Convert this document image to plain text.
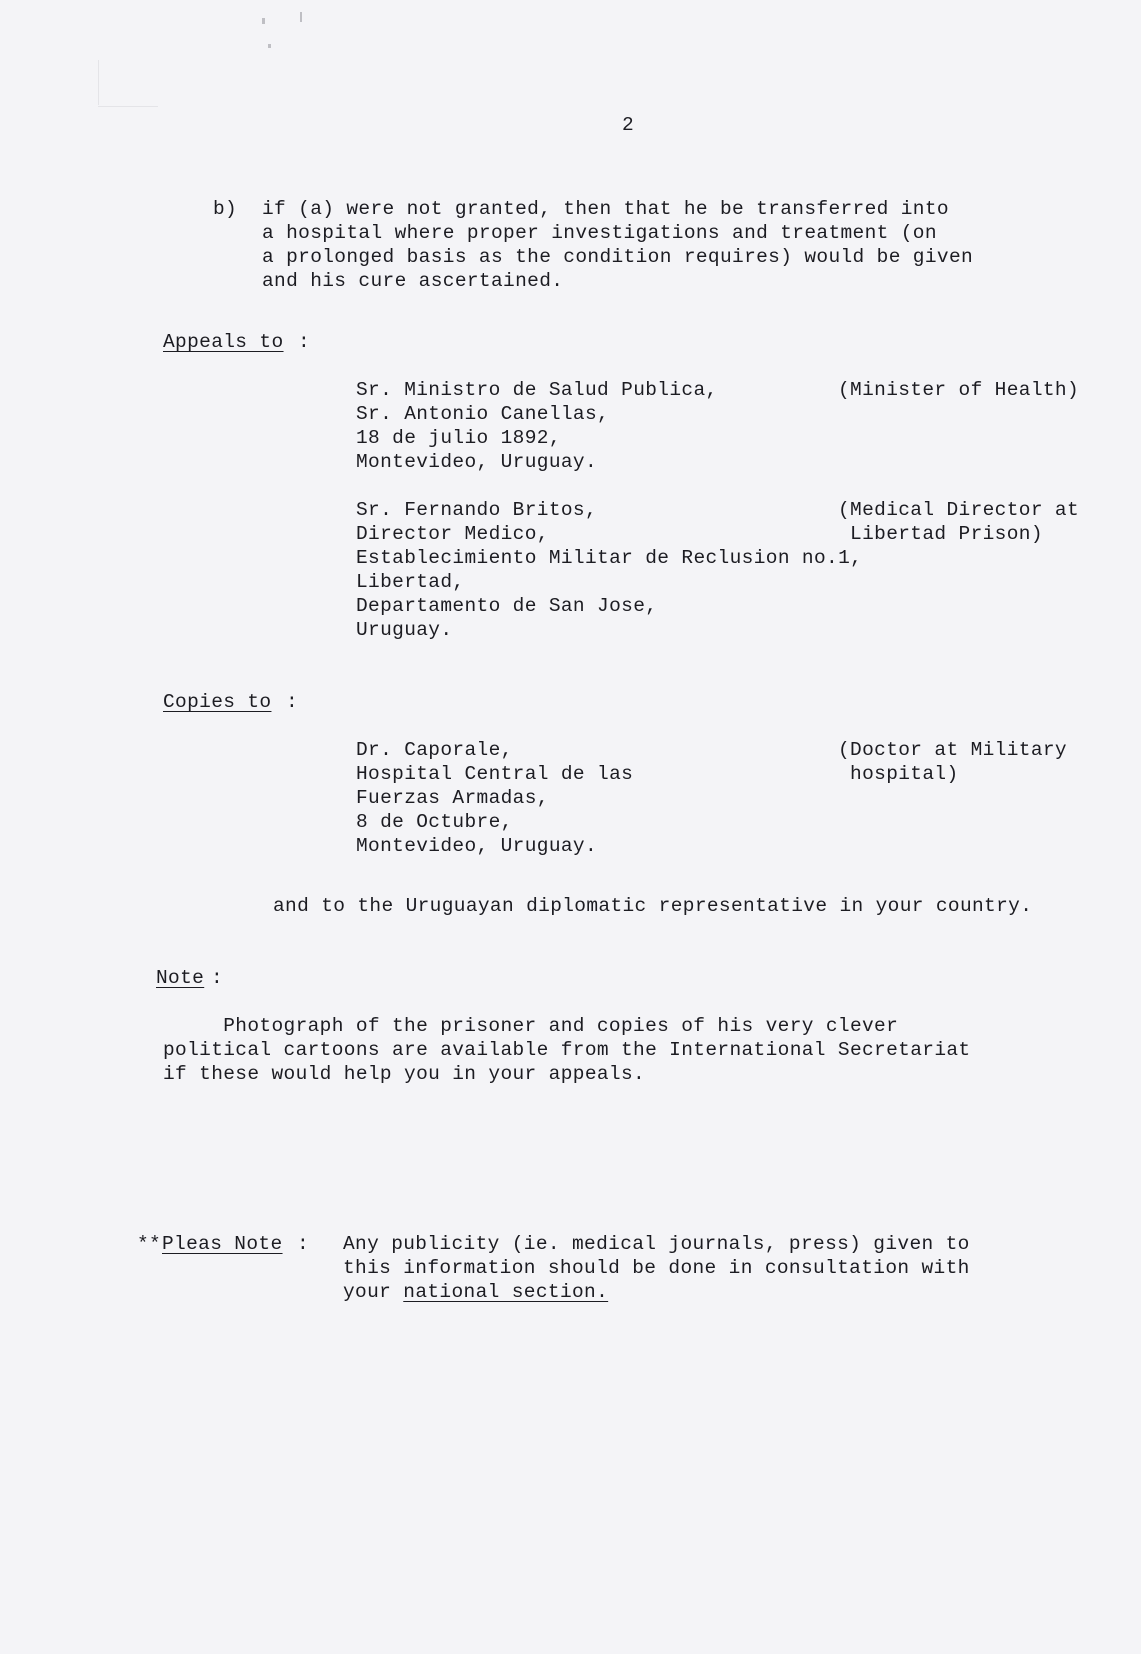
2
b) if (a) were not granted, then that he be transferred into
a hospital where proper investigations and treatment (on
a prolonged basis as the condition requires) would be given
and his cure ascertained.
Appeals to :
Sr. Ministro de Salud Publica,
Sr. Antonio Canellas,
18 de julio 1892,
Montevideo, Uruguay.
(Minister of Health)
Sr. Fernando Britos,
Director Medico,
Establecimiento Militar de Reclusion no.1,
Libertad,
Departamento de San Jose,
Uruguay.
(Medical Director at
Libertad Prison)
Copies to :
Dr. Caporale,
Hospital Central de las
Fuerzas Armadas,
8 de Octubre,
Montevideo, Uruguay.
(Doctor at Military
hospital)
and to the Uruguayan diplomatic representative in your country.
Note :
Photograph of the prisoner and copies of his very clever
political cartoons are available from the International Secretariat
if these would help you in your appeals.
** Pleas Note : Any publicity (ie. medical journals, press) given to
this information should be done in consultation with
your national section.
